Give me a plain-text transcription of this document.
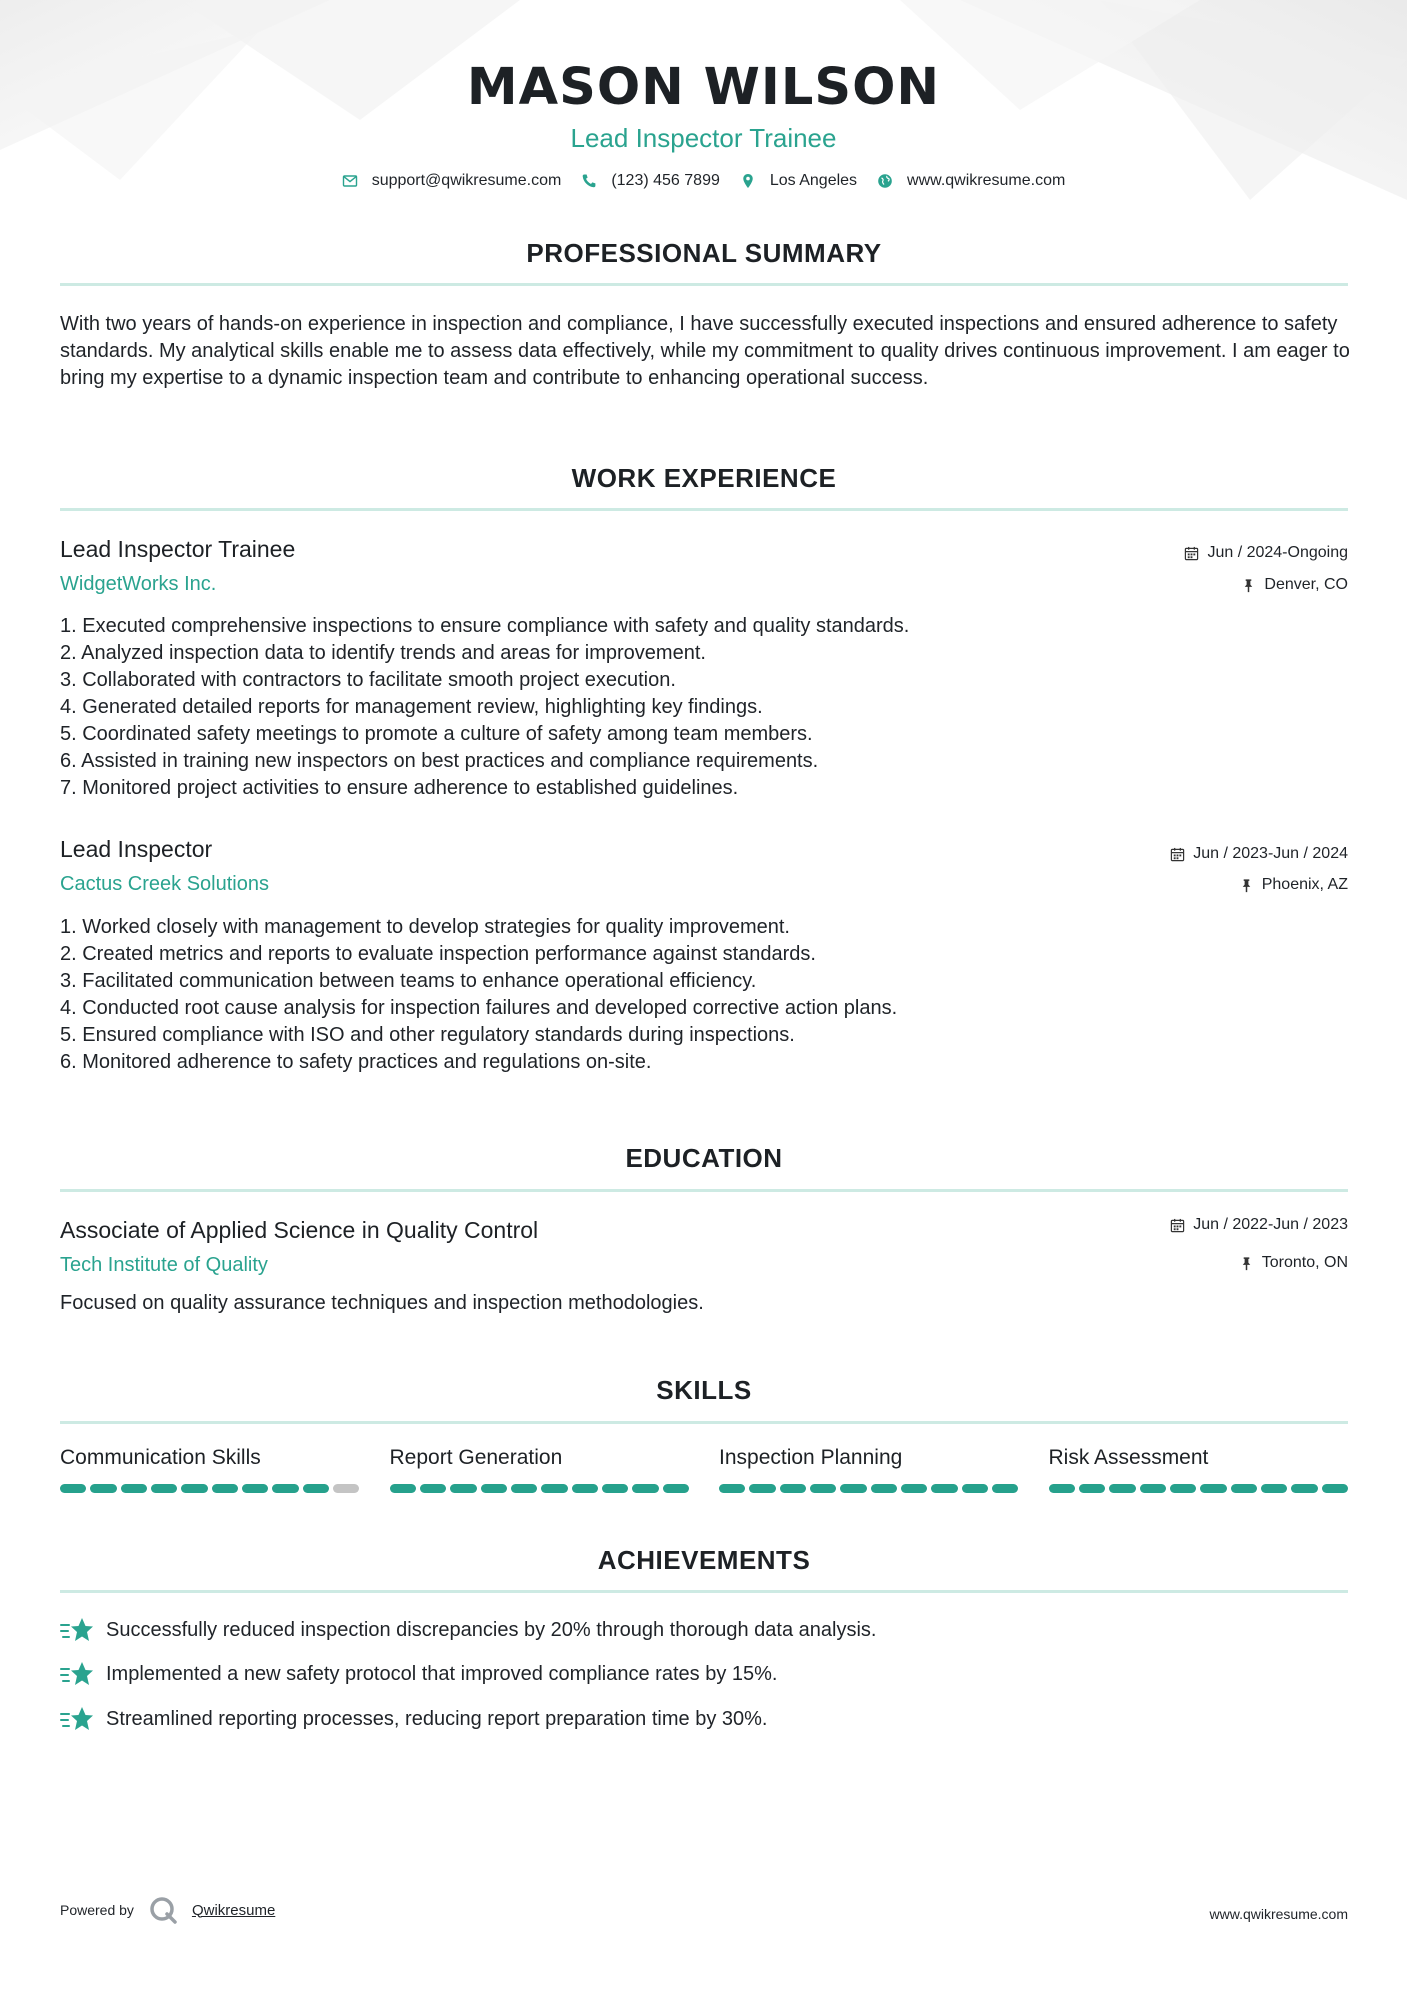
MASON WILSON
Lead Inspector Trainee
support@qwikresume.com	(123) 456 7899	Los Angeles	www.qwikresume.com
PROFESSIONAL SUMMARY
With two years of hands-on experience in inspection and compliance, I have successfully executed inspections and ensured adherence to safety standards. My analytical skills enable me to assess data effectively, while my commitment to quality drives continuous improvement. I am eager to bring my expertise to a dynamic inspection team and contribute to enhancing operational success.
WORK EXPERIENCE
Lead Inspector Trainee
WidgetWorks Inc.
Jun / 2024-Ongoing
Denver, CO
1. Executed comprehensive inspections to ensure compliance with safety and quality standards.
2. Analyzed inspection data to identify trends and areas for improvement.
3. Collaborated with contractors to facilitate smooth project execution.
4. Generated detailed reports for management review, highlighting key findings.
5. Coordinated safety meetings to promote a culture of safety among team members.
6. Assisted in training new inspectors on best practices and compliance requirements.
7. Monitored project activities to ensure adherence to established guidelines.
Lead Inspector
Cactus Creek Solutions
Jun / 2023-Jun / 2024
Phoenix, AZ
1. Worked closely with management to develop strategies for quality improvement.
2. Created metrics and reports to evaluate inspection performance against standards.
3. Facilitated communication between teams to enhance operational efficiency.
4. Conducted root cause analysis for inspection failures and developed corrective action plans.
5. Ensured compliance with ISO and other regulatory standards during inspections.
6. Monitored adherence to safety practices and regulations on-site.
EDUCATION
Associate of Applied Science in Quality Control
Tech Institute of Quality
Jun / 2022-Jun / 2023
Toronto, ON
Focused on quality assurance techniques and inspection methodologies.
SKILLS
Communication Skills	Report Generation	Inspection Planning	Risk Assessment
ACHIEVEMENTS
Successfully reduced inspection discrepancies by 20% through thorough data analysis.
Implemented a new safety protocol that improved compliance rates by 15%.
Streamlined reporting processes, reducing report preparation time by 30%.
Powered by	Qwikresume	www.qwikresume.com
